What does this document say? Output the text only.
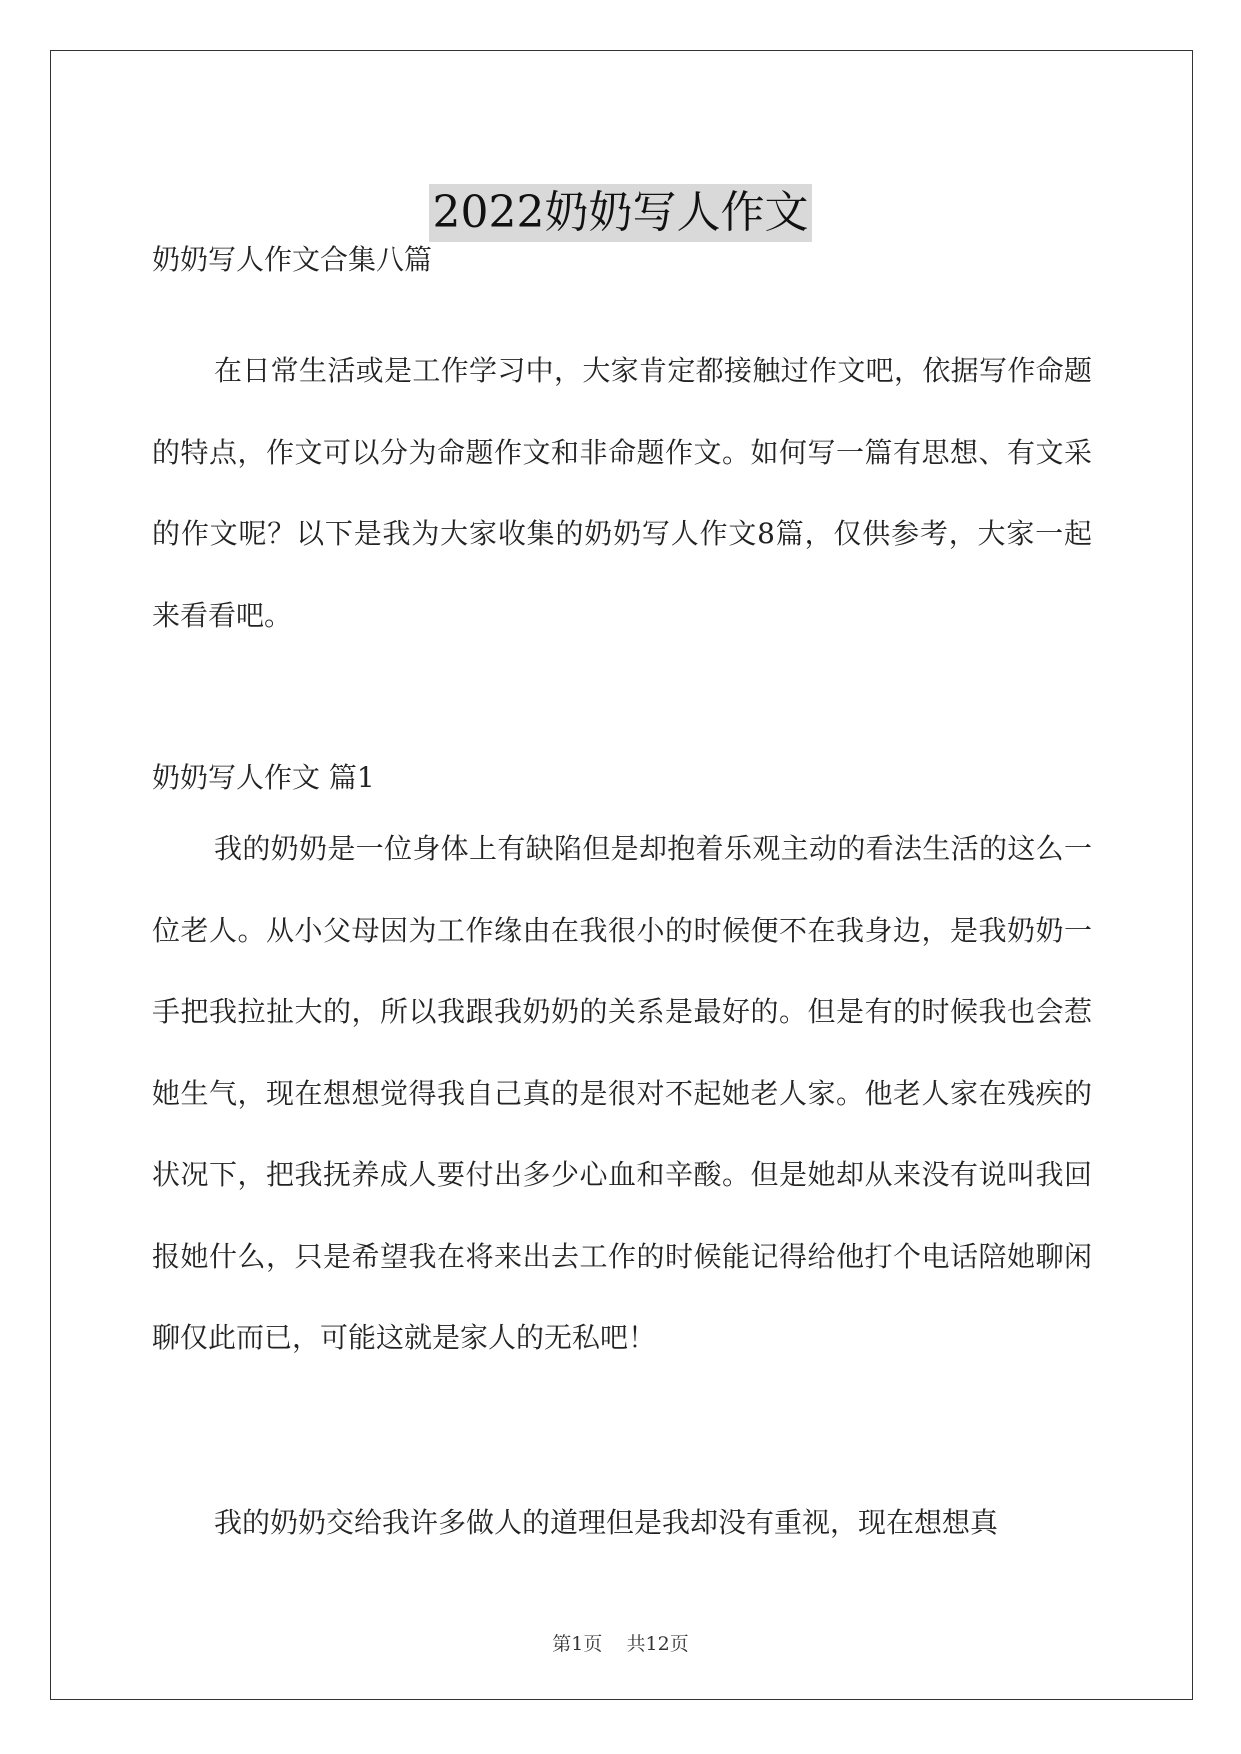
2022奶奶写人作文
奶奶写人作文合集八篇

在日常生活或是工作学习中，大家肯定都接触过作文吧，依据写作命题的特点，作文可以分为命题作文和非命题作文。如何写一篇有思想、有文采的作文呢？以下是我为大家收集的奶奶写人作文8篇，仅供参考，大家一起来看看吧。

奶奶写人作文 篇1

我的奶奶是一位身体上有缺陷但是却抱着乐观主动的看法生活的这么一位老人。从小父母因为工作缘由在我很小的时候便不在我身边，是我奶奶一手把我拉扯大的，所以我跟我奶奶的关系是最好的。但是有的时候我也会惹她生气，现在想想觉得我自己真的是很对不起她老人家。他老人家在残疾的状况下，把我抚养成人要付出多少心血和辛酸。但是她却从来没有说叫我回报她什么，只是希望我在将来出去工作的时候能记得给他打个电话陪她聊闲聊仅此而已，可能这就是家人的无私吧！

我的奶奶交给我许多做人的道理但是我却没有重视，现在想想真

第1页    共12页
